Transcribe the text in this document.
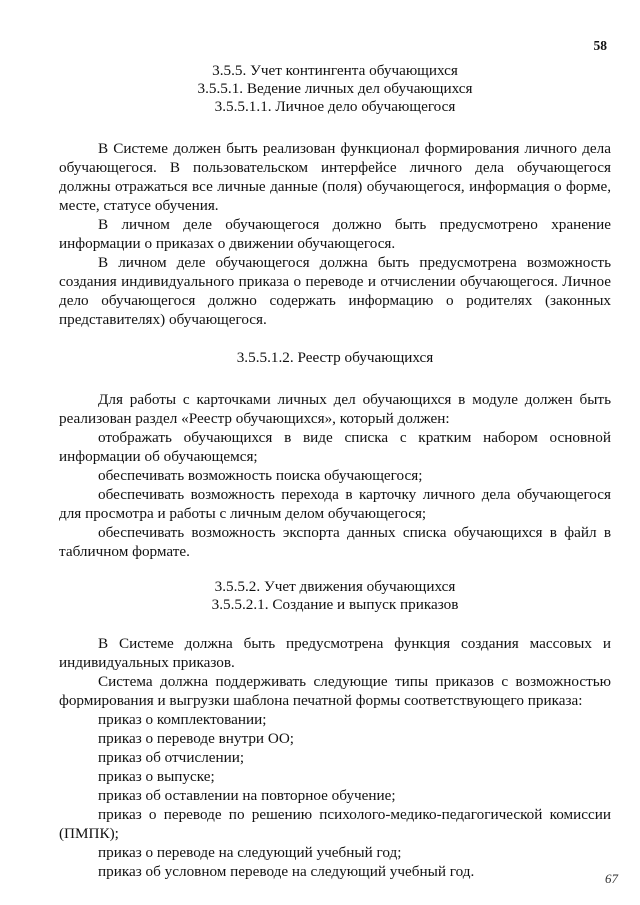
58

3.5.5. Учет контингента обучающихся

3.5.5.1. Ведение личных дел обучающихся

3.5.5.1.1. Личное дело обучающегося

В Системе должен быть реализован функционал формирования личного дела обучающегося. В пользовательском интерфейсе личного дела обучающегося должны отражаться все личные данные (поля) обучающегося, информация о форме, месте, статусе обучения.

В личном деле обучающегося должно быть предусмотрено хранение информации о приказах о движении обучающегося.

В личном деле обучающегося должна быть предусмотрена возможность создания индивидуального приказа о переводе и отчислении обучающегося. Личное дело обучающегося должно содержать информацию о родителях (законных представителях) обучающегося.

3.5.5.1.2. Реестр обучающихся

Для работы с карточками личных дел обучающихся в модуле должен быть реализован раздел «Реестр обучающихся», который должен:

отображать обучающихся в виде списка с кратким набором основной информации об обучающемся;

обеспечивать возможность поиска обучающегося;

обеспечивать возможность перехода в карточку личного дела обучающегося для просмотра и работы с личным делом обучающегося;

обеспечивать возможность экспорта данных списка обучающихся в файл в табличном формате.

3.5.5.2. Учет движения обучающихся

3.5.5.2.1. Создание и выпуск приказов

В Системе должна быть предусмотрена функция создания массовых и индивидуальных приказов.

Система должна поддерживать следующие типы приказов с возможностью формирования и выгрузки шаблона печатной формы соответствующего приказа:

приказ о комплектовании;

приказ о переводе внутри ОО;

приказ об отчислении;

приказ о выпуске;

приказ об оставлении на повторное обучение;

приказ о переводе по решению психолого-медико-педагогической комиссии (ПМПК);

приказ о переводе на следующий учебный год;

приказ об условном переводе на следующий учебный год.	67
